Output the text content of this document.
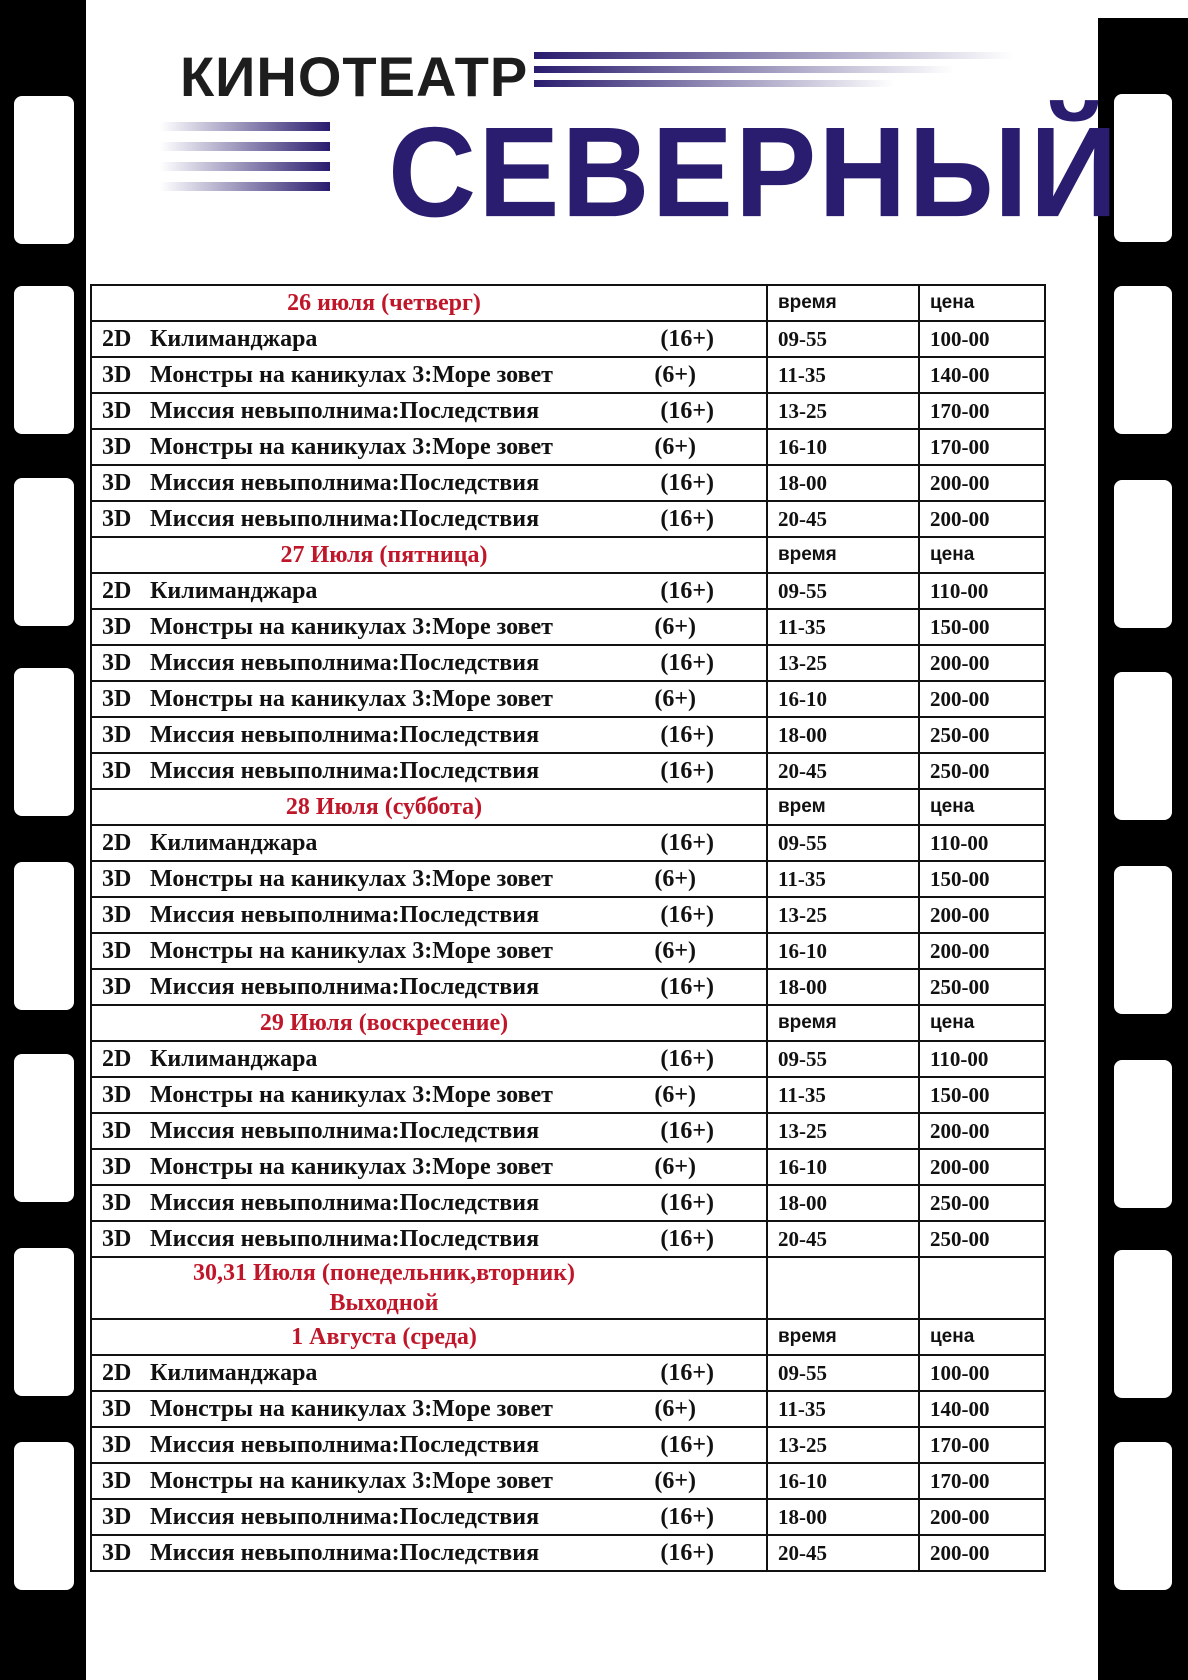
КИНОТЕАТР
СЕВЕРНЫЙ
26 июля (четверг)	время	цена
2D Килиманджара (16+)	09-55	100-00
3D Монстры на каникулах 3:Море зовет (6+)	11-35	140-00
3D Миссия невыполнима:Последствия (16+)	13-25	170-00
3D Монстры на каникулах 3:Море зовет (6+)	16-10	170-00
3D Миссия невыполнима:Последствия (16+)	18-00	200-00
3D Миссия невыполнима:Последствия (16+)	20-45	200-00
27 Июля (пятница)	время	цена
2D Килиманджара (16+)	09-55	110-00
3D Монстры на каникулах 3:Море зовет (6+)	11-35	150-00
3D Миссия невыполнима:Последствия (16+)	13-25	200-00
3D Монстры на каникулах 3:Море зовет (6+)	16-10	200-00
3D Миссия невыполнима:Последствия (16+)	18-00	250-00
3D Миссия невыполнима:Последствия (16+)	20-45	250-00
28 Июля (суббота)	врем	цена
2D Килиманджара (16+)	09-55	110-00
3D Монстры на каникулах 3:Море зовет (6+)	11-35	150-00
3D Миссия невыполнима:Последствия (16+)	13-25	200-00
3D Монстры на каникулах 3:Море зовет (6+)	16-10	200-00
3D Миссия невыполнима:Последствия (16+)	18-00	250-00
29 Июля (воскресение)	время	цена
2D Килиманджара (16+)	09-55	110-00
3D Монстры на каникулах 3:Море зовет (6+)	11-35	150-00
3D Миссия невыполнима:Последствия (16+)	13-25	200-00
3D Монстры на каникулах 3:Море зовет (6+)	16-10	200-00
3D Миссия невыполнима:Последствия (16+)	18-00	250-00
3D Миссия невыполнима:Последствия (16+)	20-45	250-00

30,31 Июля (понедельник,вторник)
Выходной		

1 Августа (среда)	время	цена
2D Килиманджара (16+)	09-55	100-00
3D Монстры на каникулах 3:Море зовет (6+)	11-35	140-00
3D Миссия невыполнима:Последствия (16+)	13-25	170-00
3D Монстры на каникулах 3:Море зовет (6+)	16-10	170-00
3D Миссия невыполнима:Последствия (16+)	18-00	200-00
3D Миссия невыполнима:Последствия (16+)	20-45	200-00
